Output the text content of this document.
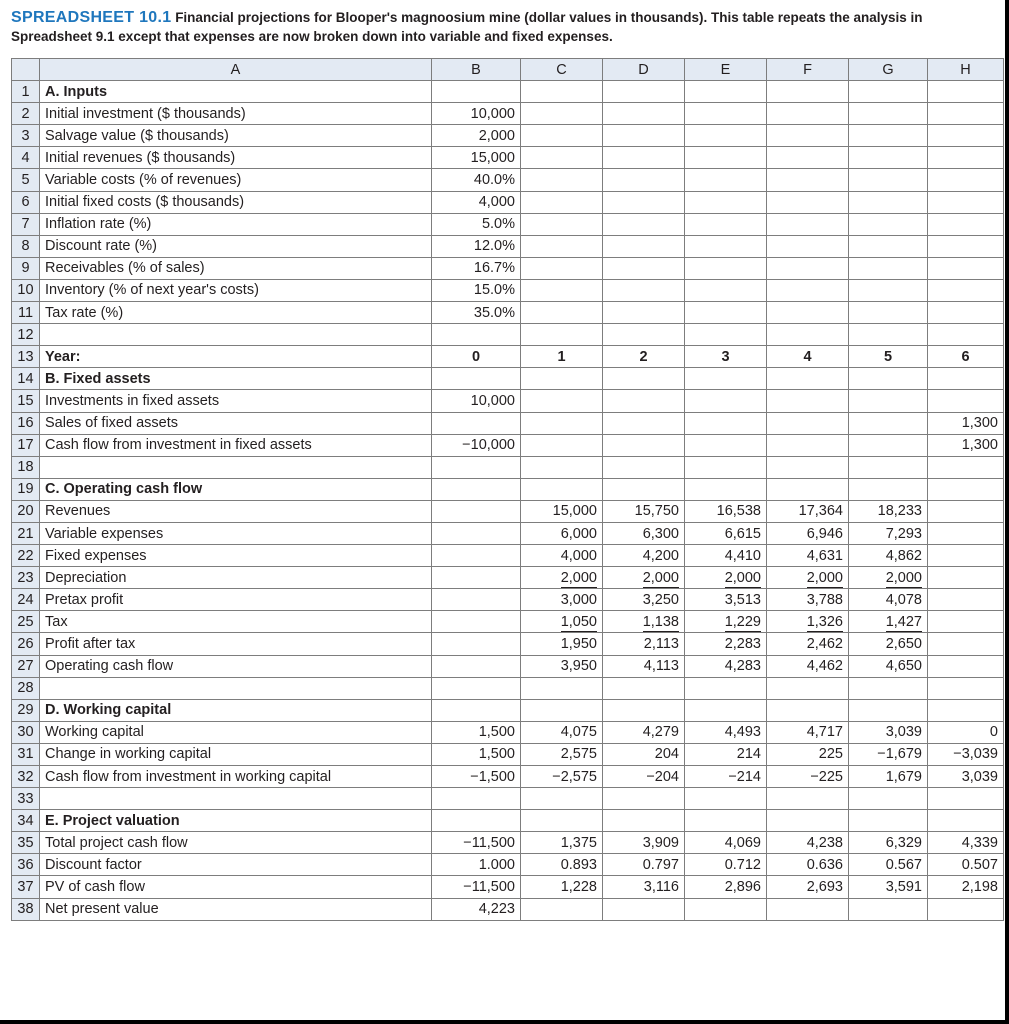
SPREADSHEET 10.1 Financial projections for Blooper's magnoosium mine (dollar values in thousands). This table repeats the analysis in Spreadsheet 9.1 except that expenses are now broken down into variable and fixed expenses.
	A	B	C	D	E	F	G	H
1	A. Inputs							
2	Initial investment ($ thousands)	10,000						
3	Salvage value ($ thousands)	2,000						
4	Initial revenues ($ thousands)	15,000						
5	Variable costs (% of revenues)	40.0%						
6	Initial fixed costs ($ thousands)	4,000						
7	Inflation rate (%)	5.0%						
8	Discount rate (%)	12.0%						
9	Receivables (% of sales)	16.7%						
10	Inventory (% of next year's costs)	15.0%						
11	Tax rate (%)	35.0%						
12								
13	Year:	0	1	2	3	4	5	6
14	B. Fixed assets							
15	Investments in fixed assets	10,000						
16	Sales of fixed assets							1,300
17	Cash flow from investment in fixed assets	−10,000						1,300
18								
19	C. Operating cash flow							
20	Revenues		15,000	15,750	16,538	17,364	18,233	
21	Variable expenses		6,000	6,300	6,615	6,946	7,293	
22	Fixed expenses		4,000	4,200	4,410	4,631	4,862	
23	Depreciation		2,000	2,000	2,000	2,000	2,000	
24	Pretax profit		3,000	3,250	3,513	3,788	4,078	
25	Tax		1,050	1,138	1,229	1,326	1,427	
26	Profit after tax		1,950	2,113	2,283	2,462	2,650	
27	Operating cash flow		3,950	4,113	4,283	4,462	4,650	
28								
29	D. Working capital							
30	Working capital	1,500	4,075	4,279	4,493	4,717	3,039	0
31	Change in working capital	1,500	2,575	204	214	225	−1,679	−3,039
32	Cash flow from investment in working capital	−1,500	−2,575	−204	−214	−225	1,679	3,039
33								
34	E. Project valuation							
35	Total project cash flow	−11,500	1,375	3,909	4,069	4,238	6,329	4,339
36	Discount factor	1.000	0.893	0.797	0.712	0.636	0.567	0.507
37	PV of cash flow	−11,500	1,228	3,116	2,896	2,693	3,591	2,198
38	Net present value	4,223						
